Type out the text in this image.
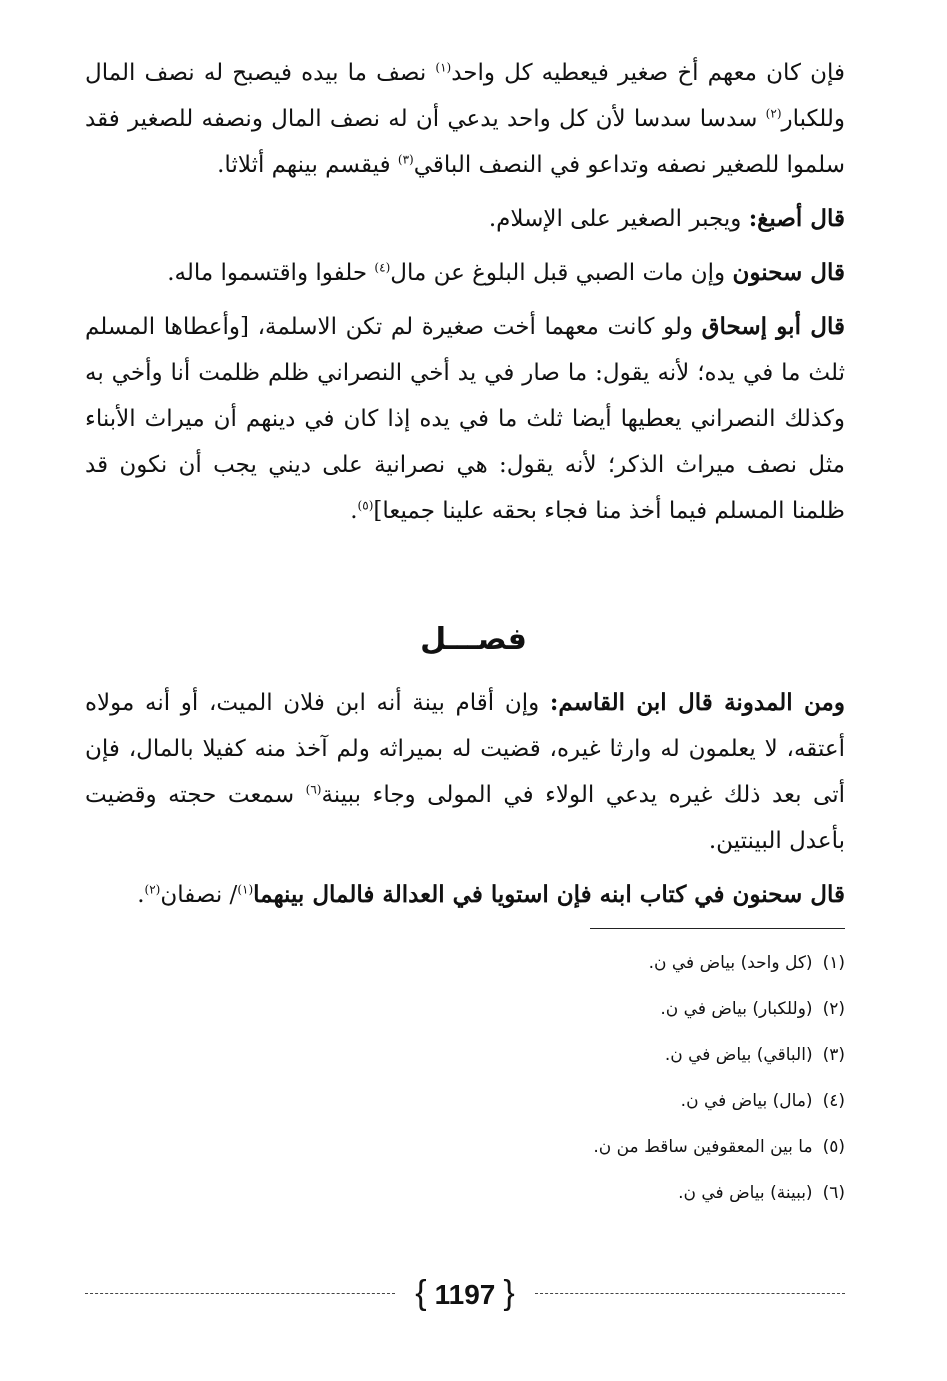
فإن كان معهم أخ صغير فيعطيه كل واحد$^{(١)}$ نصف ما بيده فيصبح له نصف المال وللكبار$^{(٢)}$ سدسا سدسا لأن كل واحد يدعي أن له نصف المال ونصفه للصغير فقد سلموا للصغير نصفه وتداعو في النصف الباقي$^{(٣)}$ فيقسم بينهم أثلاثا.

قال أصبغ: ويجبر الصغير على الإسلام.

قال سحنون وإن مات الصبي قبل البلوغ عن مال$^{(٤)}$ حلفوا واقتسموا ماله.

قال أبو إسحاق ولو كانت معهما أخت صغيرة لم تكن الاسلمة، [وأعطاها المسلم ثلث ما في يده؛ لأنه يقول: ما صار في يد أخي النصراني ظلم ظلمت أنا وأخي به وكذلك النصراني يعطيها أيضا ثلث ما في يده إذا كان في دينهم أن ميراث الأبناء مثل نصف ميراث الذكر؛ لأنه يقول: هي نصرانية على ديني يجب أن نكون قد ظلمنا المسلم فيما أخذ منا فجاء بحقه علينا جميعا]$^{(٥)}$.

فصـــل

ومن المدونة قال ابن القاسم: وإن أقام بينة أنه ابن فلان الميت، أو أنه مولاه أعتقه، لا يعلمون له وارثا غيره، قضيت له بميراثه ولم آخذ منه كفيلا بالمال، فإن أتى بعد ذلك غيره يدعي الولاء في المولى وجاء ببينة$^{(٦)}$ سمعت حجته وقضيت بأعدل البينتين.

قال سحنون في كتاب ابنه فإن استويا في العدالة فالمال بينهما$^{(١)}$/ نصفان$^{(٢)}$.

(١)(كل واحد) بياض في ن.

(٢)(وللكبار) بياض في ن.

(٣)(الباقي) بياض في ن.

(٤)(مال) بياض في ن.

(٥)ما بين المعقوفين ساقط من ن.

(٦)(ببينة) بياض في ن.

{ 1197 }
